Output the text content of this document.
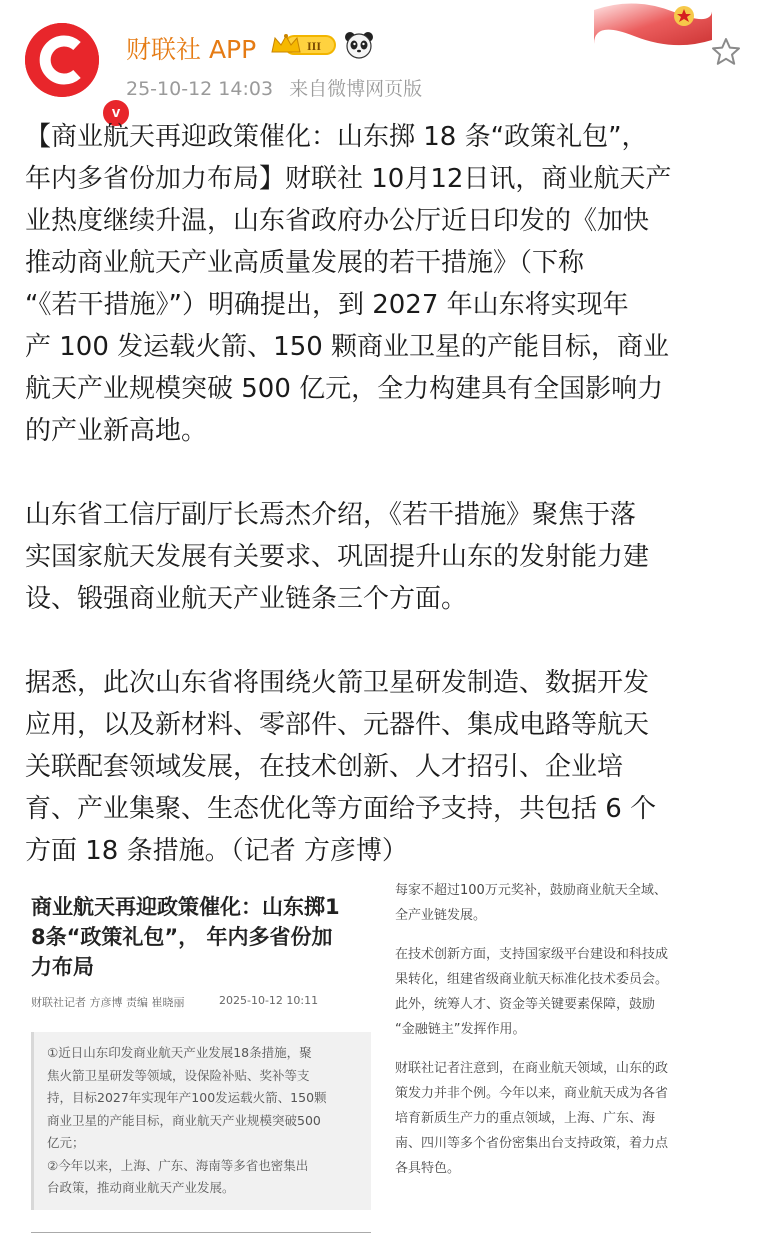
v
财联社 APP	III
25-10-12 14:03 来自微博网页版

【商业航天再迎政策催化：山东掷 18 条“政策礼包”，
年内多省份加力布局】财联社 10月12日讯，商业航天产
业热度继续升温，山东省政府办公厅近日印发的《加快
推动商业航天产业高质量发展的若干措施》（下称
“《若干措施》”）明确提出，到 2027 年山东将实现年
产 100 发运载火箭、150 颗商业卫星的产能目标，商业
航天产业规模突破 500 亿元，全力构建具有全国影响力
的产业新高地。

山东省工信厅副厅长焉杰介绍，《若干措施》聚焦于落
实国家航天发展有关要求、巩固提升山东的发射能力建
设、锻强商业航天产业链条三个方面。

据悉，此次山东省将围绕火箭卫星研发制造、数据开发
应用，以及新材料、零部件、元器件、集成电路等航天
关联配套领域发展，在技术创新、人才招引、企业培
育、产业集聚、生态优化等方面给予支持，共包括 6 个
方面 18 条措施。（记者 方彦博）

商业航天再迎政策催化：山东掷1
8条“政策礼包”， 年内多省份加
力布局
财联社记者 方彦博 责编 崔晓丽	2025-10-12 10:11
①近日山东印发商业航天产业发展18条措施，聚
焦火箭卫星研发等领域，设保险补贴、奖补等支
持，目标2027年实现年产100发运载火箭、150颗
商业卫星的产能目标，商业航天产业规模突破500
亿元；
②今年以来，上海、广东、海南等多省也密集出
台政策，推动商业航天产业发展。

每家不超过100万元奖补，鼓励商业航天全域、
全产业链发展。

在技术创新方面，支持国家级平台建设和科技成
果转化，组建省级商业航天标准化技术委员会。
此外，统筹人才、资金等关键要素保障，鼓励
“金融链主”发挥作用。

财联社记者注意到，在商业航天领域，山东的政
策发力并非个例。今年以来，商业航天成为各省
培育新质生产力的重点领域，上海、广东、海
南、四川等多个省份密集出台支持政策，着力点
各具特色。
